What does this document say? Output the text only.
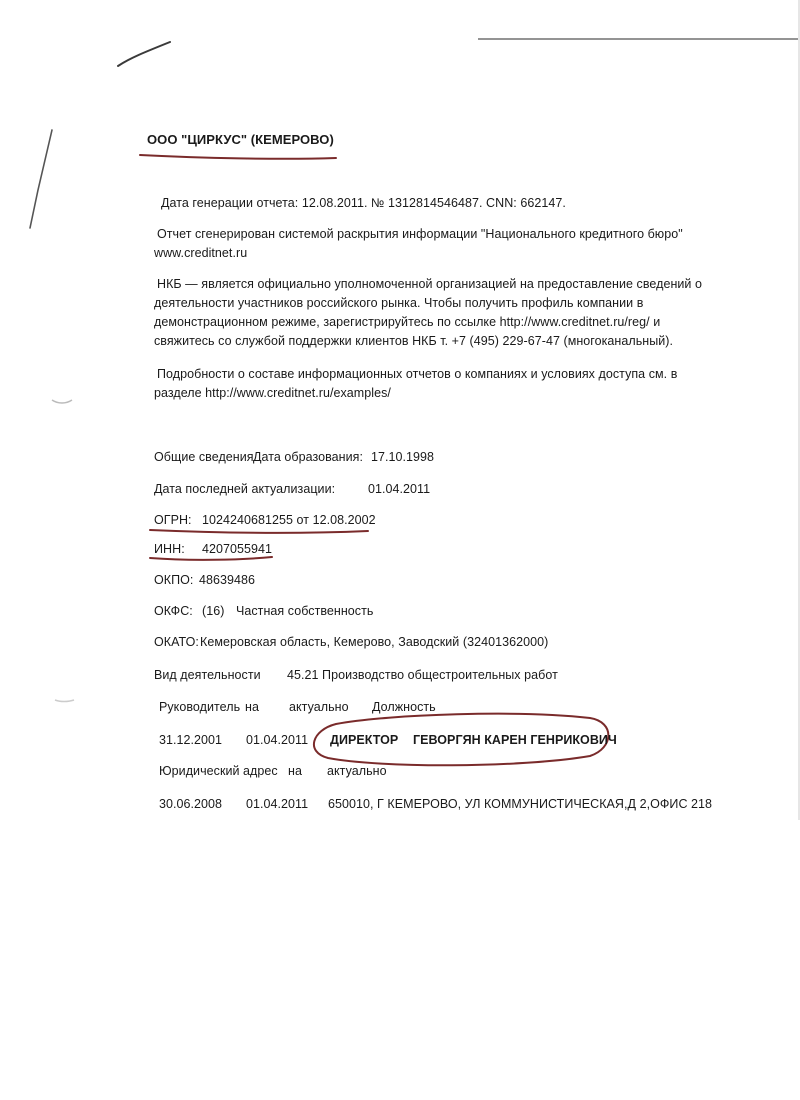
ООО "ЦИРКУС" (КЕМЕРОВО)
Дата генерации отчета: 12.08.2011. № 1312814546487. CNN: 662147.
Отчет сгенерирован системой раскрытия информации "Национального кредитного бюро"
www.creditnet.ru
НКБ — является официально уполномоченной организацией на предоставление сведений о
деятельности участников российского рынка. Чтобы получить профиль компании в
демонстрационном режиме, зарегистрируйтесь по ссылке http://www.creditnet.ru/reg/ и
свяжитесь со службой поддержки клиентов НКБ т. +7 (495) 229-67-47 (многоканальный).
Подробности о составе информационных отчетов о компаниях и условиях доступа см. в
разделе http://www.creditnet.ru/examples/
Общие сведения Дата образования: 17.10.1998
Дата последней актуализации:	01.04.2011
ОГРН: 1024240681255 от 12.08.2002
ИНН: 4207055941
ОКПО: 48639486
ОКФС: (16) Частная собственность
ОКАТО: Кемеровская область, Кемерово, Заводский (32401362000)
Вид деятельности 45.21 Производство общестроительных работ
Руководитель на актуально Должность
31.12.2001 01.04.2011 ДИРЕКТОР ГЕВОРГЯН КАРЕН ГЕНРИКОВИЧ
Юридический адрес на актуально
30.06.2008 01.04.2011 650010, Г КЕМЕРОВО, УЛ КОММУНИСТИЧЕСКАЯ,Д 2,ОФИС 218
